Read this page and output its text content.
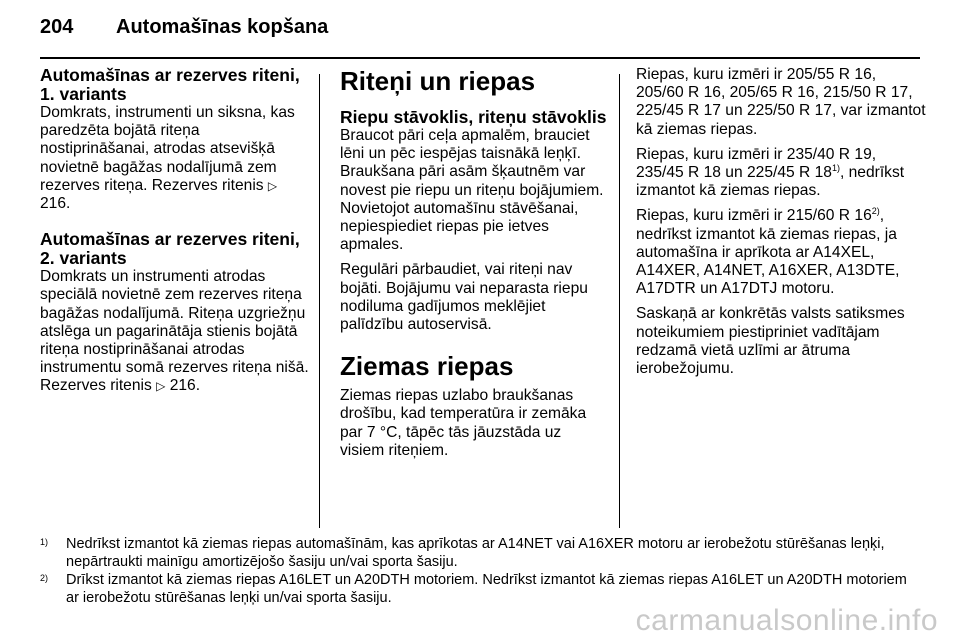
204 Automašīnas kopšana
Automašīnas ar rezerves riteni, 1. variants

Domkrats, instrumenti un siksna, kas paredzēta bojātā riteņa nostiprināšanai, atrodas atsevišķā novietnē bagāžas nodalījumā zem rezerves riteņa. Rezerves ritenis ▷ 216.

Automašīnas ar rezerves riteni, 2. variants

Domkrats un instrumenti atrodas speciālā novietnē zem rezerves riteņa bagāžas nodalījumā. Riteņa uzgriežņu atslēga un pagarinātāja stienis bojātā riteņa nostiprināšanai atrodas instrumentu somā rezerves riteņa nišā. Rezerves ritenis ▷ 216.

Riteņi un riepas
Riepu stāvoklis, riteņu stāvoklis

Braucot pāri ceļa apmalēm, brauciet lēni un pēc iespējas taisnākā leņķī. Braukšana pāri asām šķautnēm var novest pie riepu un riteņu bojājumiem. Novietojot automašīnu stāvēšanai, nepiespiediet riepas pie ietves apmales.

Regulāri pārbaudiet, vai riteņi nav bojāti. Bojājumu vai neparasta riepu nodiluma gadījumos meklējiet palīdzību autoservisā.

Ziemas riepas

Ziemas riepas uzlabo braukšanas drošību, kad temperatūra ir zemāka par 7 °C, tāpēc tās jāuzstāda uz visiem riteņiem.

Riepas, kuru izmēri ir 205/55 R 16, 205/60 R 16, 205/65 R 16, 215/50 R 17, 225/45 R 17 un 225/50 R 17, var izmantot kā ziemas riepas.

Riepas, kuru izmēri ir 235/40 R 19, 235/45 R 18 un 225/45 R 18$^{1)}$, nedrīkst izmantot kā ziemas riepas.

Riepas, kuru izmēri ir 215/60 R 16$^{2)}$, nedrīkst izmantot kā ziemas riepas, ja automašīna ir aprīkota ar A14XEL, A14XER, A14NET, A16XER, A13DTE, A17DTR un A17DTJ motoru.

Saskaņā ar konkrētās valsts satiksmes noteikumiem piestipriniet vadītājam redzamā vietā uzlīmi ar ātruma ierobežojumu.

1) Nedrīkst izmantot kā ziemas riepas automašīnām, kas aprīkotas ar A14NET vai A16XER motoru ar ierobežotu stūrēšanas leņķi, nepārtraukti mainīgu amortizējošo šasiju un/vai sporta šasiju.
2) Drīkst izmantot kā ziemas riepas A16LET un A20DTH motoriem. Nedrīkst izmantot kā ziemas riepas A16LET un A20DTH motoriem ar ierobežotu stūrēšanas leņķi un/vai sporta šasiju.
carmanualsonline.info
